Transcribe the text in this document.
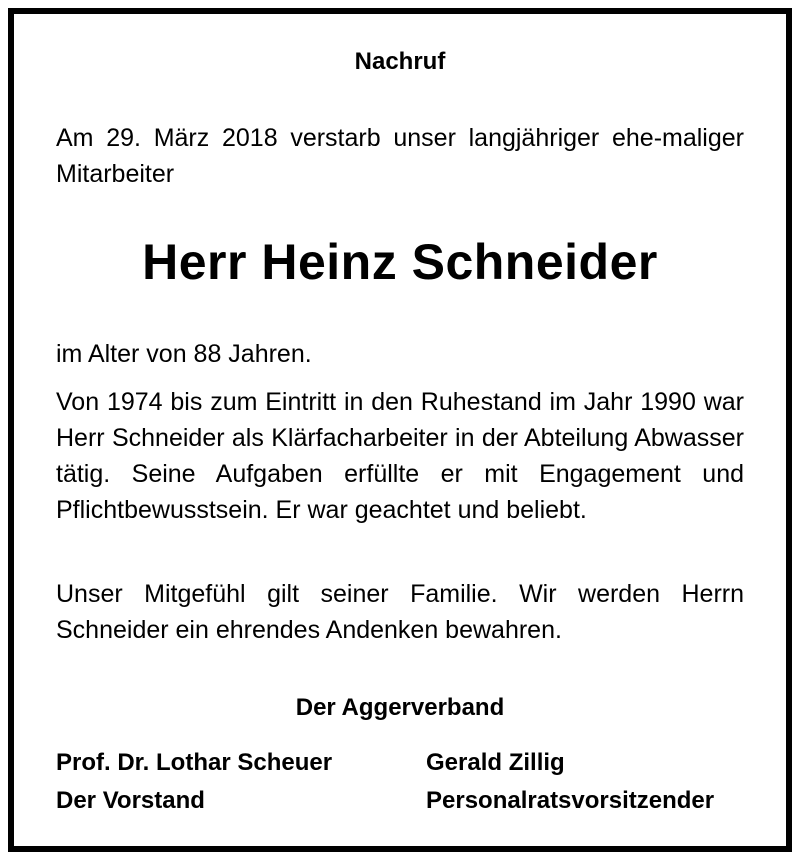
Nachruf
Am 29. März 2018 verstarb unser langjähriger ehe-maliger Mitarbeiter
Herr Heinz Schneider
im Alter von 88 Jahren.
Von 1974 bis zum Eintritt in den Ruhestand im Jahr 1990 war Herr Schneider als Klärfacharbeiter in der Abteilung Abwasser tätig. Seine Aufgaben erfüllte er mit Engagement und Pflichtbewusstsein. Er war geachtet und beliebt.
Unser Mitgefühl gilt seiner Familie. Wir werden Herrn Schneider ein ehrendes Andenken bewahren.
Der Aggerverband
Prof. Dr. Lothar Scheuer
Der Vorstand
Gerald Zillig
Personalratsvorsitzender
